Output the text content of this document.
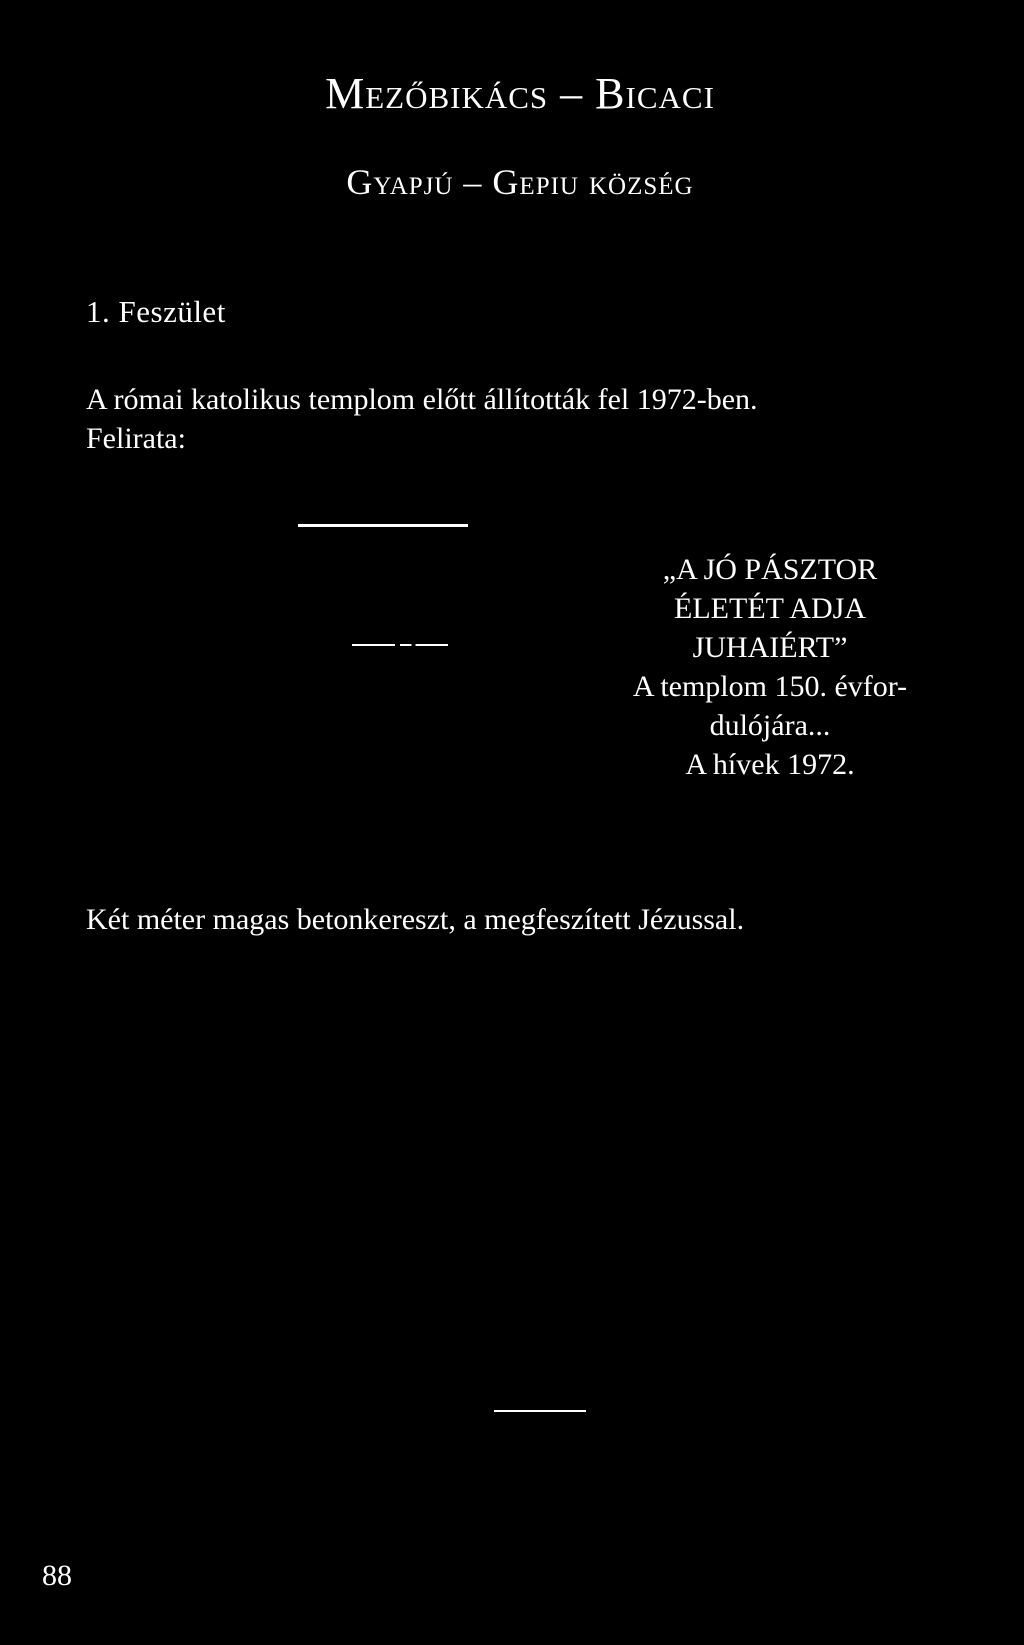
Mezőbikács – Bicaci
Gyapjú – Gepiu község
1. Feszület

A római katolikus templom előtt állították fel 1972-ben.
Felirata:

„A JÓ PÁSZTOR
ÉLETÉT ADJA
JUHAIÉRT”
A templom 150. évfor-
dulójára...
A hívek 1972.

Két méter magas betonkereszt, a megfeszített Jézussal.

88
